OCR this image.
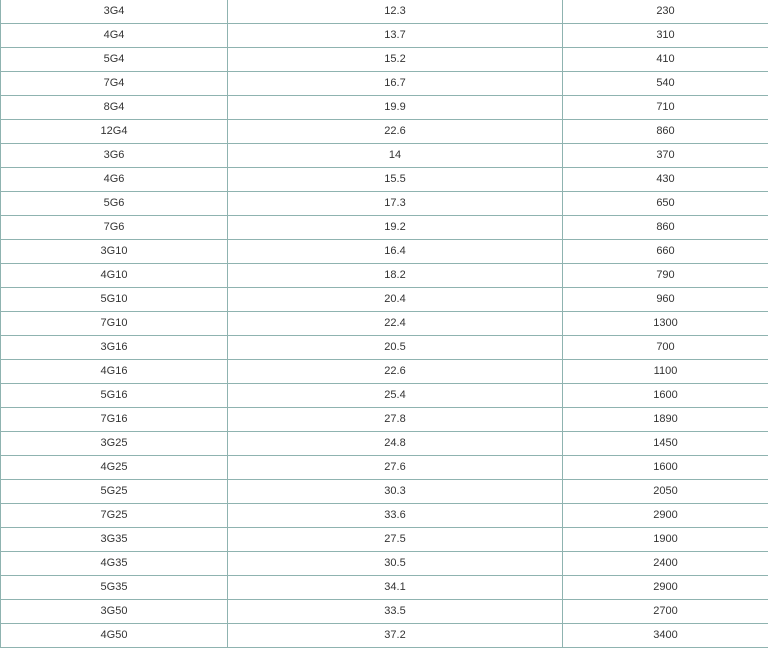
3G4	12.3	230
4G4	13.7	310
5G4	15.2	410
7G4	16.7	540
8G4	19.9	710
12G4	22.6	860
3G6	14	370
4G6	15.5	430
5G6	17.3	650
7G6	19.2	860
3G10	16.4	660
4G10	18.2	790
5G10	20.4	960
7G10	22.4	1300
3G16	20.5	700
4G16	22.6	1100
5G16	25.4	1600
7G16	27.8	1890
3G25	24.8	1450
4G25	27.6	1600
5G25	30.3	2050
7G25	33.6	2900
3G35	27.5	1900
4G35	30.5	2400
5G35	34.1	2900
3G50	33.5	2700
4G50	37.2	3400
